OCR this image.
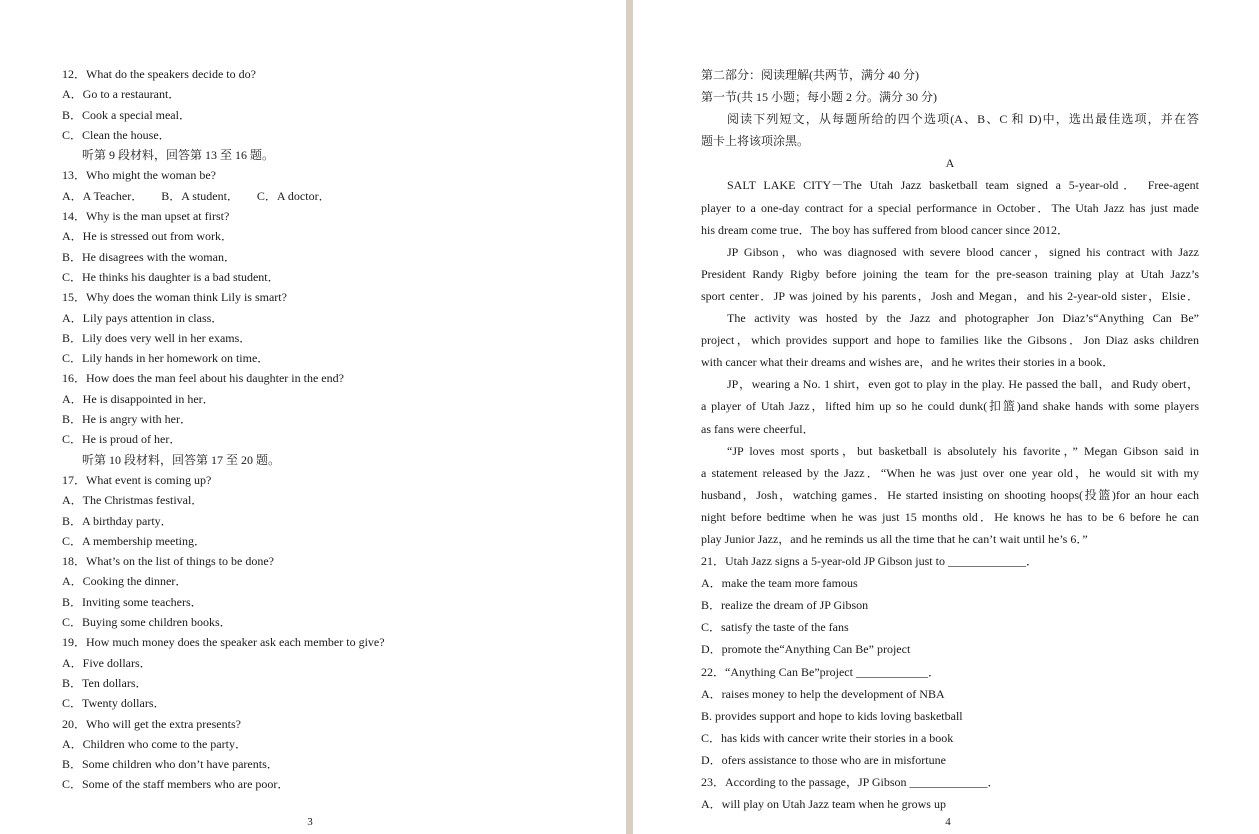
12．What do the speakers decide to do?
A．Go to a restaurant．
B．Cook a special meal．
C．Clean the house．
听第 9 段材料，回答第 13 至 16 题。
13．Who might the woman be?
A．A Teacher．　　B．A student．　　C．A doctor．
14．Why is the man upset at first?
A．He is stressed out from work．
B．He disagrees with the woman．
C．He thinks his daughter is a bad student．
15．Why does the woman think Lily is smart?
A．Lily pays attention in class．
B．Lily does very well in her exams．
C．Lily hands in her homework on time．
16．How does the man feel about his daughter in the end?
A．He is disappointed in her．
B．He is angry with her．
C．He is proud of her．
听第 10 段材料，回答第 17 至 20 题。
17．What event is coming up?
A．The Christmas festival．
B．A birthday party．
C．A membership meeting．
18．What’s on the list of things to be done?
A．Cooking the dinner．
B．Inviting some teachers．
C．Buying some children books．
19．How much money does the speaker ask each member to give?
A．Five dollars．
B．Ten dollars．
C．Twenty dollars．
20．Who will get the extra presents?
A．Children who come to the party．
B．Some children who don’t have parents．
C．Some of the staff members who are poor．
3
第二部分：阅读理解(共两节，满分 40 分)
第一节(共 15 小题；每小题 2 分。满分 30 分)
阅读下列短文，从每题所给的四个选项(A、B、C 和 D)中，选出最佳选项，并在答
题卡上将该项涂黑。
A
SALT LAKE CITY－The Utah Jazz basketball team signed a 5-year-old． Free-agent
player to a one-day contract for a special performance in October．The Utah Jazz has just made
his dream come true．The boy has suffered from blood cancer since 2012．
JP Gibson，who was diagnosed with severe blood cancer，signed his contract with Jazz
President Randy Rigby before joining the team for the pre-season training play at Utah Jazz’s
sport center．JP was joined by his parents，Josh and Megan，and his 2-year-old sister，Elsie．
The activity was hosted by the Jazz and photographer Jon Diaz’s“Anything Can Be”
project，which provides support and hope to families like the Gibsons．Jon Diaz asks children
with cancer what their dreams and wishes are，and he writes their stories in a book．
JP，wearing a No. 1 shirt，even got to play in the play. He passed the ball，and Rudy obert，
a player of Utah Jazz，lifted him up so he could dunk(扣篮)and shake hands with some players
as fans were cheerful．
“JP loves most sports，but basketball is absolutely his favorite，” Megan Gibson said in
a statement released by the Jazz．“When he was just over one year old，he would sit with my
husband，Josh，watching games．He started insisting on shooting hoops(投篮)for an hour each
night before bedtime when he was just 15 months old．He knows he has to be 6 before he can
play Junior Jazz，and he reminds us all the time that he can’t wait until he’s 6．”
21．Utah Jazz signs a 5-year-old JP Gibson just to _____________．
A．make the team more famous
B．realize the dream of JP Gibson
C．satisfy the taste of the fans
D．promote the“Anything Can Be” project
22．“Anything Can Be”project ____________．
A．raises money to help the development of NBA
B. provides support and hope to kids loving basketball
C．has kids with cancer write their stories in a book
D．ofers assistance to those who are in misfortune
23．According to the passage，JP Gibson _____________．
A．will play on Utah Jazz team when he grows up
4
